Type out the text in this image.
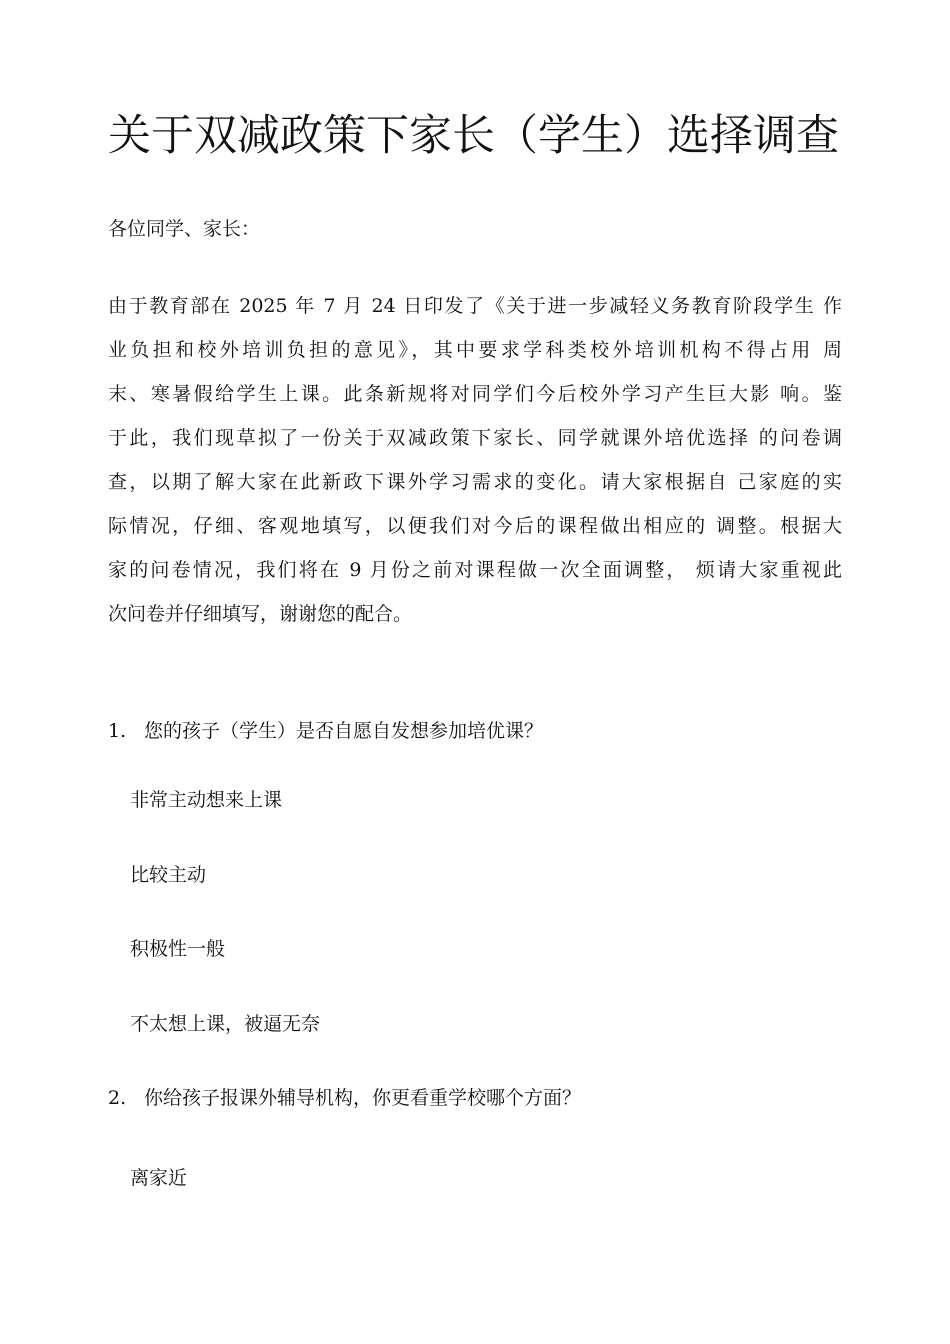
关于双减政策下家长（学生）选择调查

各位同学、家长：

由于教育部在 2025 年 7 月 24 日印发了《关于进一步减轻义务教育阶段学生 作
业负担和校外培训负担的意见》，其中要求学科类校外培训机构不得占用 周
末、寒暑假给学生上课。此条新规将对同学们今后校外学习产生巨大影 响。鉴
于此，我们现草拟了一份关于双减政策下家长、同学就课外培优选择 的问卷调
查，以期了解大家在此新政下课外学习需求的变化。请大家根据自 己家庭的实
际情况，仔细、客观地填写，以便我们对今后的课程做出相应的 调整。根据大
家的问卷情况，我们将在 9 月份之前对课程做一次全面调整， 烦请大家重视此
次问卷并仔细填写，谢谢您的配合。

1. 您的孩子（学生）是否自愿自发想参加培优课？

非常主动想来上课

比较主动

积极性一般

不太想上课，被逼无奈

2. 你给孩子报课外辅导机构，你更看重学校哪个方面？

离家近
